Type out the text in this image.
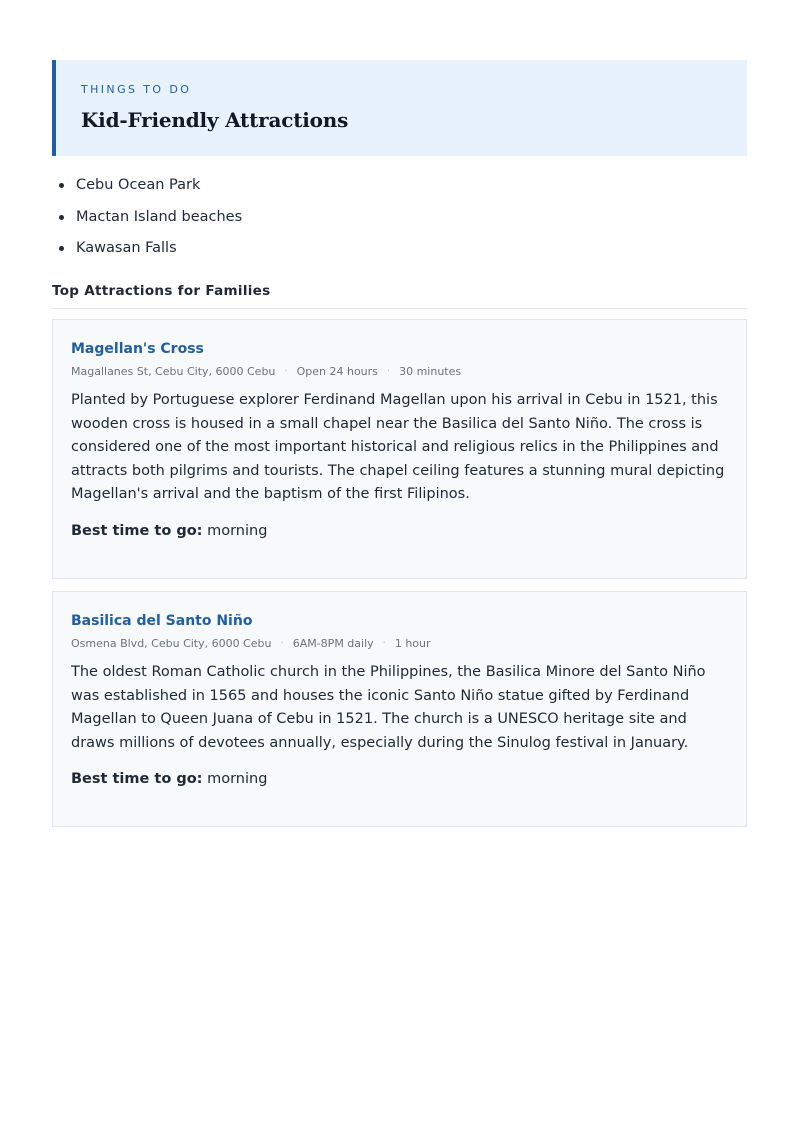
THINGS TO DO

Kid-Friendly Attractions
Cebu Ocean Park
Mactan Island beaches
Kawasan Falls
Top Attractions for Families
Magellan's Cross
Magallanes St, Cebu City, 6000 Cebu · Open 24 hours · 30 minutes

Planted by Portuguese explorer Ferdinand Magellan upon his arrival in Cebu in 1521, this wooden cross is housed in a small chapel near the Basilica del Santo Niño. The cross is considered one of the most important historical and religious relics in the Philippines and attracts both pilgrims and tourists. The chapel ceiling features a stunning mural depicting Magellan's arrival and the baptism of the first Filipinos.

Best time to go: morning

Basilica del Santo Niño
Osmena Blvd, Cebu City, 6000 Cebu · 6AM-8PM daily · 1 hour

The oldest Roman Catholic church in the Philippines, the Basilica Minore del Santo Niño was established in 1565 and houses the iconic Santo Niño statue gifted by Ferdinand Magellan to Queen Juana of Cebu in 1521. The church is a UNESCO heritage site and draws millions of devotees annually, especially during the Sinulog festival in January.

Best time to go: morning
